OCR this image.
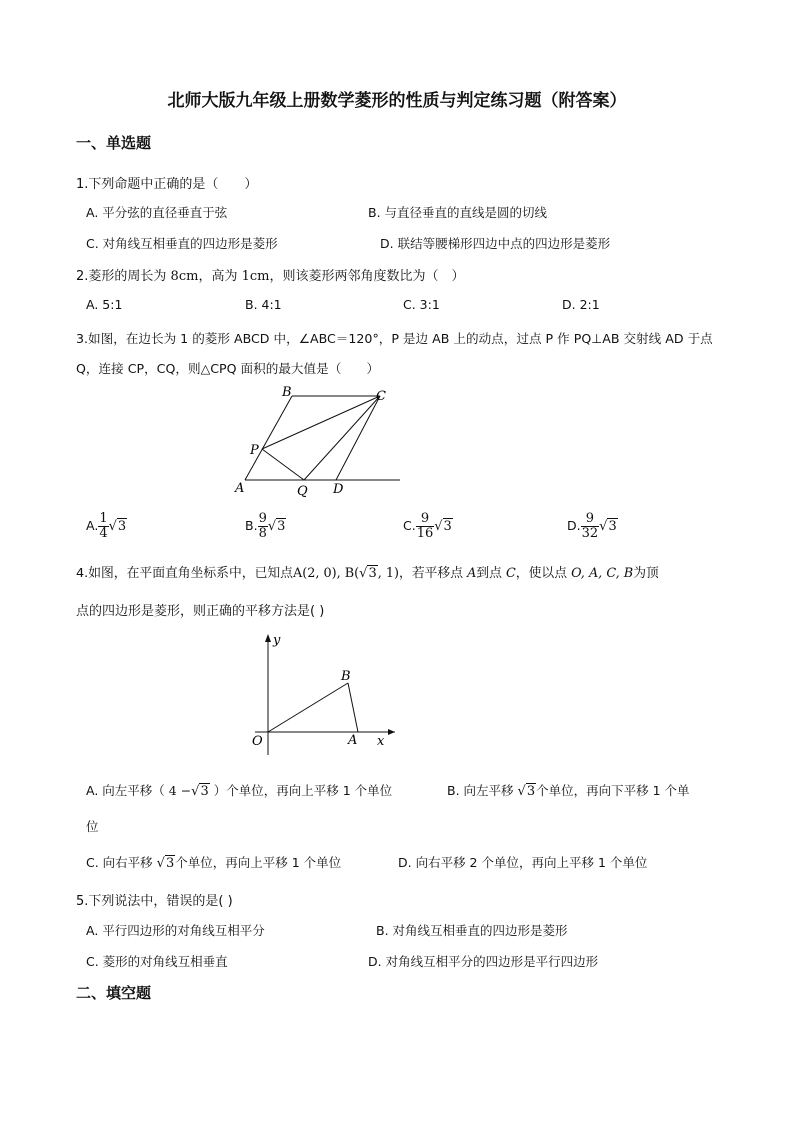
北师大版九年级上册数学菱形的性质与判定练习题（附答案）
一、单选题
1.下列命题中正确的是（　　）
A. 平分弦的直径垂直于弦	B. 与直径垂直的直线是圆的切线
C. 对角线互相垂直的四边形是菱形	D. 联结等腰梯形四边中点的四边形是菱形
2.菱形的周长为 8cm，高为 1cm，则该菱形两邻角度数比为（　）
A. 5:1	B. 4:1	C. 3:1	D. 2:1
3.如图，在边长为 1 的菱形 ABCD 中，∠ABC＝120°，P 是边 AB 上的动点，过点 P 作 PQ⊥AB 交射线 AD 于点
Q，连接 CP，CQ，则△CPQ 面积的最大值是（　　）
B	C
P
A	Q D
A. $\frac{1}{4} √3$	B. $\frac{9}{8} √3$	C. $\frac{9}{16} √3$	D. $\frac{9}{32} √3$
4.如图，在平面直角坐标系中，已知点A(2, 0), B(√3, 1)，若平移点 A到点 C，使以点 O, A, C, B为顶
点的四边形是菱形，则正确的平移方法是( )
y
B
O	A x
A. 向左平移（ 4 −√3 ）个单位，再向上平移 1 个单位	B. 向左平移 √3个单位，再向下平移 1 个单
位
C. 向右平移 √3个单位，再向上平移 1 个单位	D. 向右平移 2 个单位，再向上平移 1 个单位
5.下列说法中，错误的是( )
A. 平行四边形的对角线互相平分	B. 对角线互相垂直的四边形是菱形
C. 菱形的对角线互相垂直	D. 对角线互相平分的四边形是平行四边形
二、填空题
